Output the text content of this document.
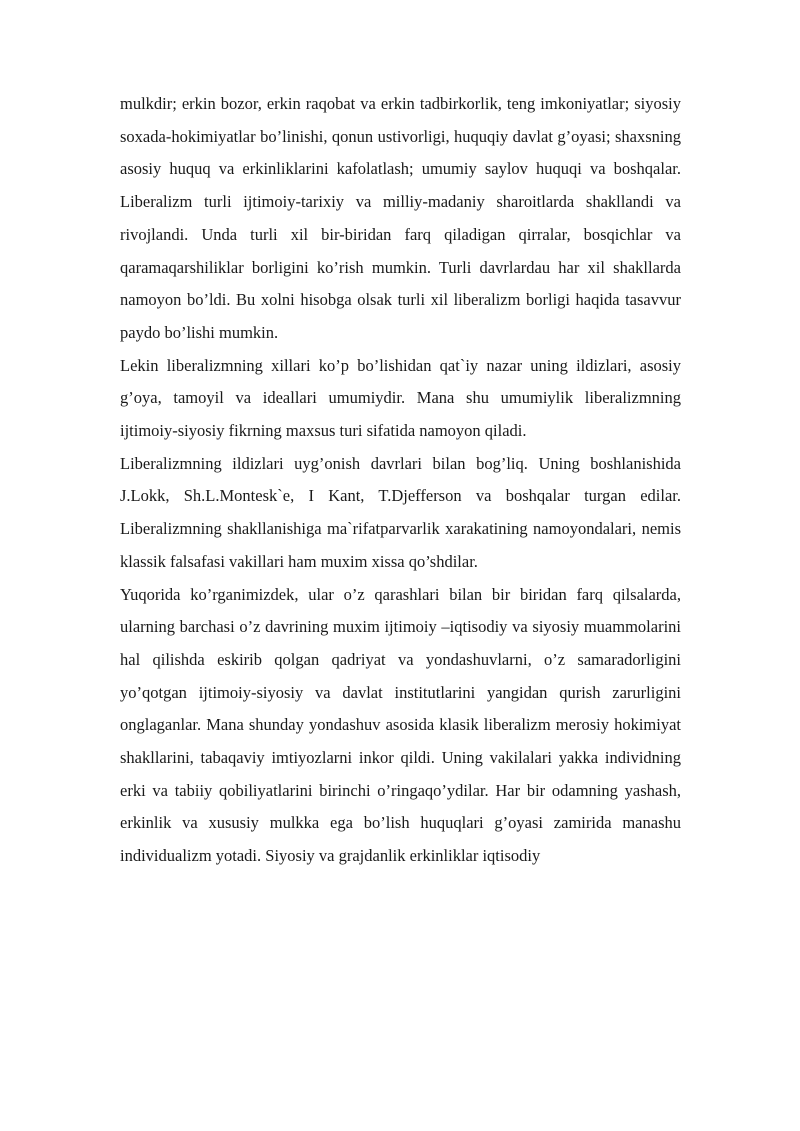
mulkdir; erkin bozor, erkin raqobat va erkin tadbirkorlik, teng imkoniyatlar; siyosiy soxada-hokimiyatlar bo’linishi, qonun ustivorligi, huquqiy davlat g’oyasi; shaxsning asosiy huquq va erkinliklarini kafolatlash; umumiy saylov huquqi va boshqalar. Liberalizm turli ijtimoiy-tarixiy va milliy-madaniy sharoitlarda shakllandi va rivojlandi. Unda turli xil bir-biridan farq qiladigan qirralar, bosqichlar va qaramaqarshiliklar borligini ko’rish mumkin. Turli davrlardau har xil shakllarda namoyon bo’ldi. Bu xolni hisobga olsak turli xil liberalizm borligi haqida tasavvur paydo bo’lishi mumkin.

Lekin liberalizmning xillari ko’p bo’lishidan qat`iy nazar uning ildizlari, asosiy g’oya, tamoyil va ideallari umumiydir. Mana shu umumiylik liberalizmning ijtimoiy-siyosiy fikrning maxsus turi sifatida namoyon qiladi.

Liberalizmning ildizlari uyg’onish davrlari bilan bog’liq. Uning boshlanishida J.Lokk, Sh.L.Montesk`e, I Kant, T.Djefferson va boshqalar turgan edilar. Liberalizmning shakllanishiga ma`rifatparvarlik xarakatining namoyondalari, nemis klassik falsafasi vakillari ham muxim xissa qo’shdilar.

Yuqorida ko’rganimizdek, ular o’z qarashlari bilan bir biridan farq qilsalarda, ularning barchasi o’z davrining muxim ijtimoiy –iqtisodiy va siyosiy muammolarini hal qilishda eskirib qolgan qadriyat va yondashuvlarni, o’z samaradorligini yo’qotgan ijtimoiy-siyosiy va davlat institutlarini yangidan qurish zarurligini onglaganlar. Mana shunday yondashuv asosida klasik liberalizm merosiy hokimiyat shakllarini, tabaqaviy imtiyozlarni inkor qildi. Uning vakilalari yakka individning erki va tabiiy qobiliyatlarini birinchi o’ringaqo’ydilar. Har bir odamning yashash, erkinlik va xususiy mulkka ega bo’lish huquqlari g’oyasi zamirida manashu individualizm yotadi. Siyosiy va grajdanlik erkinliklar iqtisodiy
